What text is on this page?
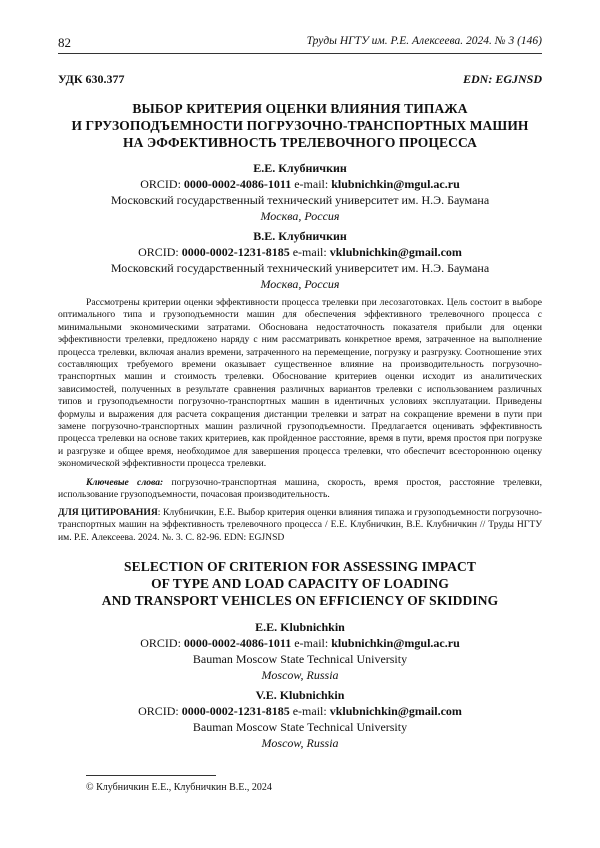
82	Труды НГТУ им. Р.Е. Алексеева. 2024. № 3 (146)
УДК 630.377	EDN: EGJNSD
ВЫБОР КРИТЕРИЯ ОЦЕНКИ ВЛИЯНИЯ ТИПАЖА
И ГРУЗОПОДЪЕМНОСТИ ПОГРУЗОЧНО-ТРАНСПОРТНЫХ МАШИН
НА ЭФФЕКТИВНОСТЬ ТРЕЛЕВОЧНОГО ПРОЦЕССА
Е.Е. Клубничкин
ORCID: 0000-0002-4086-1011 e-mail: klubnichkin@mgul.ac.ru
Московский государственный технический университет им. Н.Э. Баумана
Москва, Россия
В.Е. Клубничкин
ORCID: 0000-0002-1231-8185 e-mail: vklubnichkin@gmail.com
Московский государственный технический университет им. Н.Э. Баумана
Москва, Россия
Рассмотрены критерии оценки эффективности процесса трелевки при лесозаготовках. Цель состоит в выборе оптимального типа и грузоподъемности машин для обеспечения эффективного трелевочного процесса с минимальными экономическими затратами. Обоснована недостаточность показателя прибыли для оценки эффективности трелевки, предложено наряду с ним рассматривать конкретное время, затраченное на выполнение процесса трелевки, включая анализ времени, затраченного на перемещение, погрузку и разгрузку. Соотношение этих составляющих требуемого времени оказывает существенное влияние на производительность погрузочно-транспортных машин и стоимость трелевки. Обоснование критериев оценки исходит из аналитических зависимостей, полученных в результате сравнения различных вариантов трелевки с использованием различных типов и грузоподъемности погрузочно-транспортных машин в идентичных условиях эксплуатации. Приведены формулы и выражения для расчета сокращения дистанции трелевки и затрат на сокращение времени в пути при замене погрузочно-транспортных машин различной грузоподъемности. Предлагается оценивать эффективность процесса трелевки на основе таких критериев, как пройденное расстояние, время в пути, время простоя при погрузке и разгрузке и общее время, необходимое для завершения процесса трелевки, что обеспечит всестороннюю оценку экономической эффективности процесса трелевки.
Ключевые слова: погрузочно-транспортная машина, скорость, время простоя, расстояние трелевки, использование грузоподъемности, почасовая производительность.
ДЛЯ ЦИТИРОВАНИЯ: Клубничкин, Е.Е. Выбор критерия оценки влияния типажа и грузоподъемности погрузочно-транспортных машин на эффективность трелевочного процесса / Е.Е. Клубничкин, В.Е. Клубничкин // Труды НГТУ им. Р.Е. Алексеева. 2024. №. 3. С. 82-96. EDN: EGJNSD
SELECTION OF CRITERION FOR ASSESSING IMPACT
OF TYPE AND LOAD CAPACITY OF LOADING
AND TRANSPORT VEHICLES ON EFFICIENCY OF SKIDDING
E.E. Klubnichkin
ORCID: 0000-0002-4086-1011 e-mail: klubnichkin@mgul.ac.ru
Bauman Moscow State Technical University
Moscow, Russia
V.E. Klubnichkin
ORCID: 0000-0002-1231-8185 e-mail: vklubnichkin@gmail.com
Bauman Moscow State Technical University
Moscow, Russia
© Клубничкин Е.Е., Клубничкин В.Е., 2024
